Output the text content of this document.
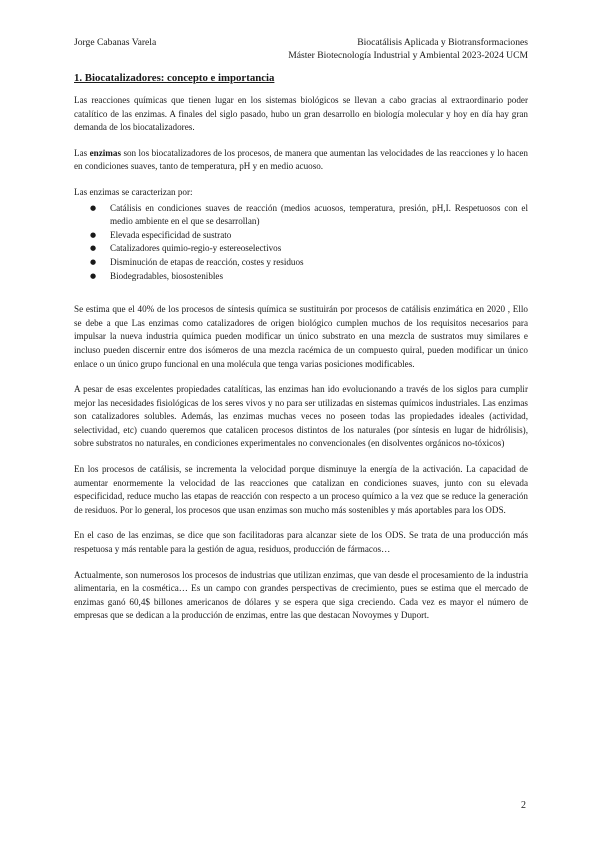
Jorge Cabanas Varela	Biocatálisis Aplicada y Biotransformaciones
Máster Biotecnología Industrial y Ambiental 2023-2024 UCM
1. Biocatalizadores: concepto e importancia

Las reacciones químicas que tienen lugar en los sistemas biológicos se llevan a cabo gracias al extraordinario poder catalítico de las enzimas. A finales del siglo pasado, hubo un gran desarrollo en biología molecular y hoy en día hay gran demanda de los biocatalizadores.

Las enzimas son los biocatalizadores de los procesos, de manera que aumentan las velocidades de las reacciones y lo hacen en condiciones suaves, tanto de temperatura, pH y en medio acuoso.

Las enzimas se caracterizan por:

● Catálisis en condiciones suaves de reacción (medios acuosos, temperatura, presión, pH,I. Respetuosos con el medio ambiente en el que se desarrollan)
● Elevada especificidad de sustrato
● Catalizadores quimio-regio-y estereoselectivos
● Disminución de etapas de reacción, costes y residuos
● Biodegradables, biosostenibles

Se estima que el 40% de los procesos de síntesis química se sustituirán por procesos de catálisis enzimática en 2020 , Ello se debe a que Las enzimas como catalizadores de origen biológico cumplen muchos de los requisitos necesarios para impulsar la nueva industria química pueden modificar un único substrato en una mezcla de sustratos muy similares e incluso pueden discernir entre dos isómeros de una mezcla racémica de un compuesto quiral, pueden modificar un único enlace o un único grupo funcional en una molécula que tenga varias posiciones modificables.

A pesar de esas excelentes propiedades catalíticas, las enzimas han ido evolucionando a través de los siglos para cumplir mejor las necesidades fisiológicas de los seres vivos y no para ser utilizadas en sistemas químicos industriales. Las enzimas son catalizadores solubles. Además, las enzimas muchas veces no poseen todas las propiedades ideales (actividad, selectividad, etc) cuando queremos que catalicen procesos distintos de los naturales (por síntesis en lugar de hidrólisis), sobre substratos no naturales, en condiciones experimentales no convencionales (en disolventes orgánicos no-tóxicos)

En los procesos de catálisis, se incrementa la velocidad porque disminuye la energía de la activación. La capacidad de aumentar enormemente la velocidad de las reacciones que catalizan en condiciones suaves, junto con su elevada especificidad, reduce mucho las etapas de reacción con respecto a un proceso químico a la vez que se reduce la generación de residuos. Por lo general, los procesos que usan enzimas son mucho más sostenibles y más aportables para los ODS.

En el caso de las enzimas, se dice que son facilitadoras para alcanzar siete de los ODS. Se trata de una producción más respetuosa y más rentable para la gestión de agua, residuos, producción de fármacos…

Actualmente, son numerosos los procesos de industrias que utilizan enzimas, que van desde el procesamiento de la industria alimentaria, en la cosmética… Es un campo con grandes perspectivas de crecimiento, pues se estima que el mercado de enzimas ganó 60,4$ billones americanos de dólares y se espera que siga creciendo. Cada vez es mayor el número de empresas que se dedican a la producción de enzimas, entre las que destacan Novoymes y Duport.

2
